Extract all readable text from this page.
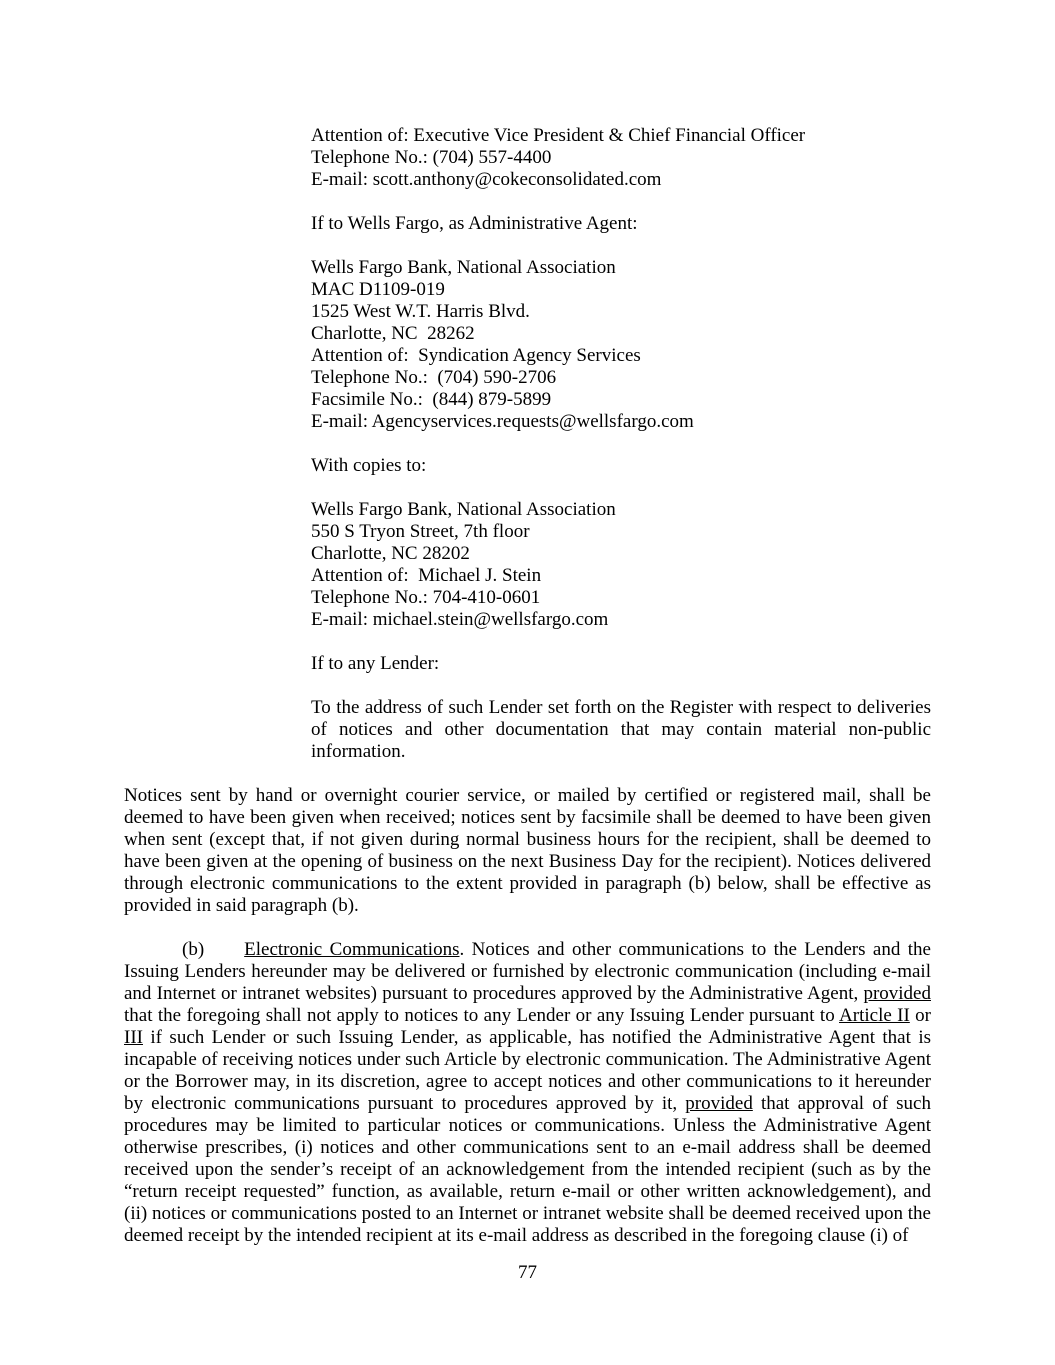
Attention of: Executive Vice President & Chief Financial Officer
Telephone No.: (704) 557-4400
E-mail: scott.anthony@cokeconsolidated.com
If to Wells Fargo, as Administrative Agent:
Wells Fargo Bank, National Association
MAC D1109-019
1525 West W.T. Harris Blvd.
Charlotte, NC  28262
Attention of:  Syndication Agency Services
Telephone No.:  (704) 590-2706
Facsimile No.:  (844) 879-5899
E-mail: Agencyservices.requests@wellsfargo.com
With copies to:
Wells Fargo Bank, National Association
550 S Tryon Street, 7th floor
Charlotte, NC 28202
Attention of:  Michael J. Stein
Telephone No.: 704-410-0601
E-mail: michael.stein@wellsfargo.com
If to any Lender:

To the address of such Lender set forth on the Register with respect to deliveries of notices and other documentation that may contain material non-public information.

Notices sent by hand or overnight courier service, or mailed by certified or registered mail, shall be deemed to have been given when received; notices sent by facsimile shall be deemed to have been given when sent (except that, if not given during normal business hours for the recipient, shall be deemed to have been given at the opening of business on the next Business Day for the recipient). Notices delivered through electronic communications to the extent provided in paragraph (b) below, shall be effective as provided in said paragraph (b).

(b) Electronic Communications. Notices and other communications to the Lenders and the Issuing Lenders hereunder may be delivered or furnished by electronic communication (including e-mail and Internet or intranet websites) pursuant to procedures approved by the Administrative Agent, provided that the foregoing shall not apply to notices to any Lender or any Issuing Lender pursuant to Article II or III if such Lender or such Issuing Lender, as applicable, has notified the Administrative Agent that is incapable of receiving notices under such Article by electronic communication. The Administrative Agent or the Borrower may, in its discretion, agree to accept notices and other communications to it hereunder by electronic communications pursuant to procedures approved by it, provided that approval of such procedures may be limited to particular notices or communications. Unless the Administrative Agent otherwise prescribes, (i) notices and other communications sent to an e-mail address shall be deemed received upon the sender’s receipt of an acknowledgement from the intended recipient (such as by the “return receipt requested” function, as available, return e-mail or other written acknowledgement), and (ii) notices or communications posted to an Internet or intranet website shall be deemed received upon the deemed receipt by the intended recipient at its e-mail address as described in the foregoing clause (i) of

77
